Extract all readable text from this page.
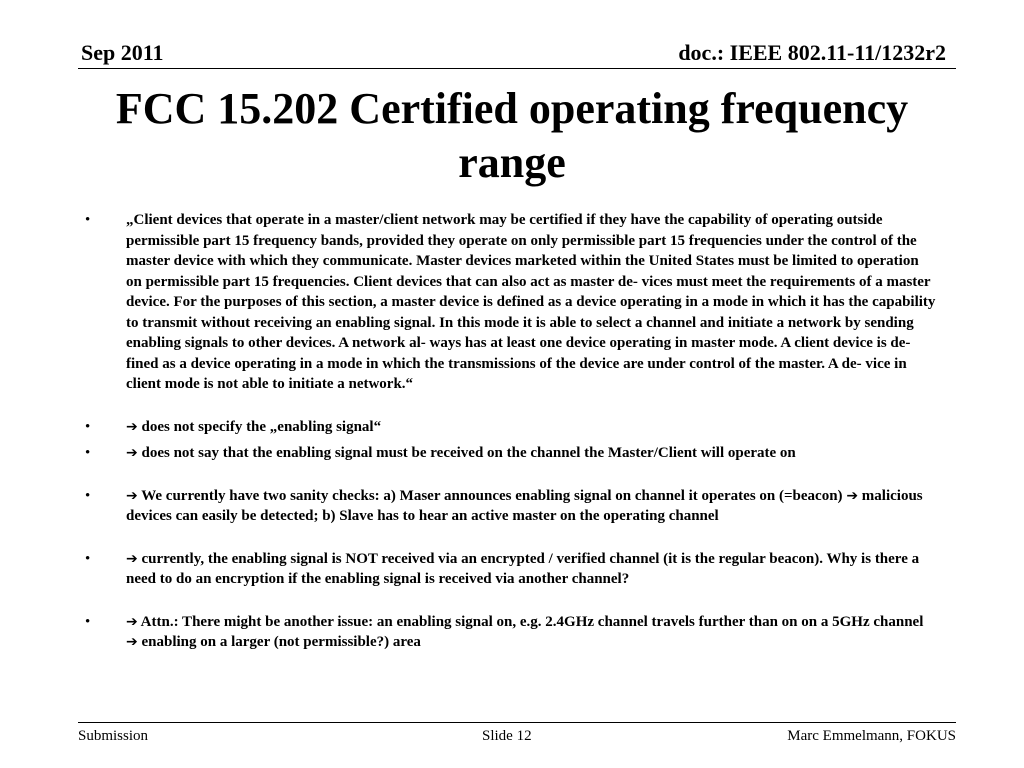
Sep 2011	doc.: IEEE 802.11-11/1232r2
FCC 15.202 Certified operating frequency range
• „Client devices that operate in a master/client network may be certified if they have the capability of operating outside permissible part 15 frequency bands, provided they operate on only permissible part 15 frequencies under the control of the master device with which they communicate. Master devices marketed within the United States must be limited to operation on permissible part 15 frequencies. Client devices that can also act as master de- vices must meet the requirements of a master device. For the purposes of this section, a master device is defined as a device operating in a mode in which it has the capability to transmit without receiving an enabling signal. In this mode it is able to select a channel and initiate a network by sending enabling signals to other devices. A network al- ways has at least one device operating in master mode. A client device is de- fined as a device operating in a mode in which the transmissions of the device are under control of the master. A de- vice in client mode is not able to initiate a network.“
•	➔ does not specify the „enabling signal“
•	➔ does not say that the enabling signal must be received on the channel the Master/Client will operate on
•	➔ We currently have two sanity checks: a) Maser announces enabling signal on channel it operates on (=beacon) ➔ malicious devices can easily be detected; b) Slave has to hear an active master on the operating channel
•	➔ currently, the enabling signal is NOT received via an encrypted / verified channel (it is the regular beacon). Why is there a need to do an encryption if the enabling signal is received via another channel?
•	➔ Attn.: There might be another issue: an enabling signal on, e.g. 2.4GHz channel travels further than on on a 5GHz channel ➔ enabling on a larger (not permissible?) area
Submission	Slide 12	Marc Emmelmann, FOKUS
